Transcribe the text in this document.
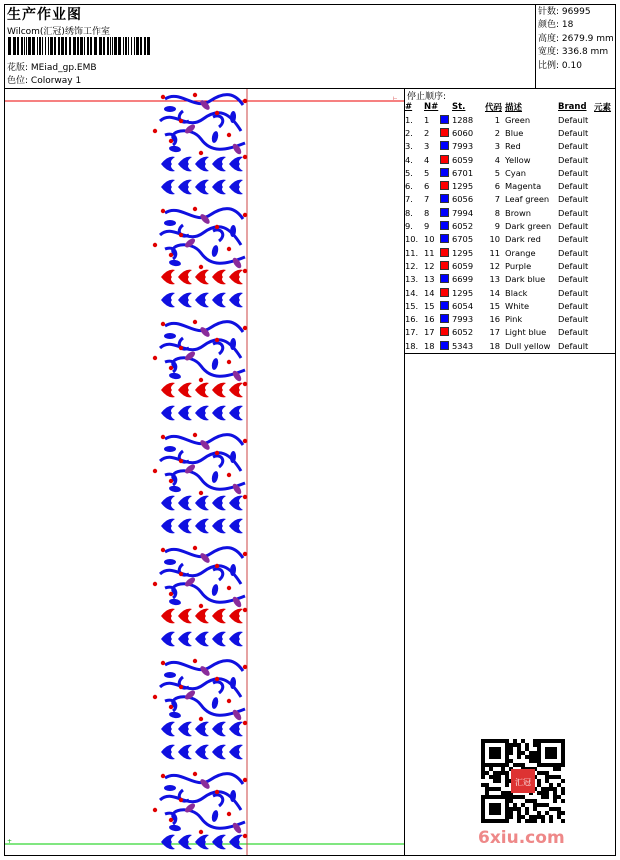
生产作业图
Wilcom(汇冠)绣饰工作室
花版: MEiad_gp.EMB
色位: Colorway 1
针数: 96995
颜色: 18
高度: 2679.9 mm
宽度: 336.8 mm
比例: 0.10
停止顺序:
#	N#		St.	代码	描述	Brand	元素
1.	1		1288	1	Green	Default	
2.	2		6060	2	Blue	Default	
3.	3		7993	3	Red	Default	
4.	4		6059	4	Yellow	Default	
5.	5		6701	5	Cyan	Default	
6.	6		1295	6	Magenta	Default	
7.	7		6056	7	Leaf green	Default	
8.	8		7994	8	Brown	Default	
9.	9		6052	9	Dark green	Default	
10.	10		6705	10	Dark red	Default	
11.	11		1295	11	Orange	Default	
12.	12		6059	12	Purple	Default	
13.	13		6699	13	Dark blue	Default	
14.	14		1295	14	Black	Default	
15.	15		6054	15	White	Default	
16.	16		7993	16	Pink	Default	
17.	17		6052	17	Light blue	Default	
18.	18		5343	18	Dull yellow	Default	
⊢
+
汇冠
6xiu.com
